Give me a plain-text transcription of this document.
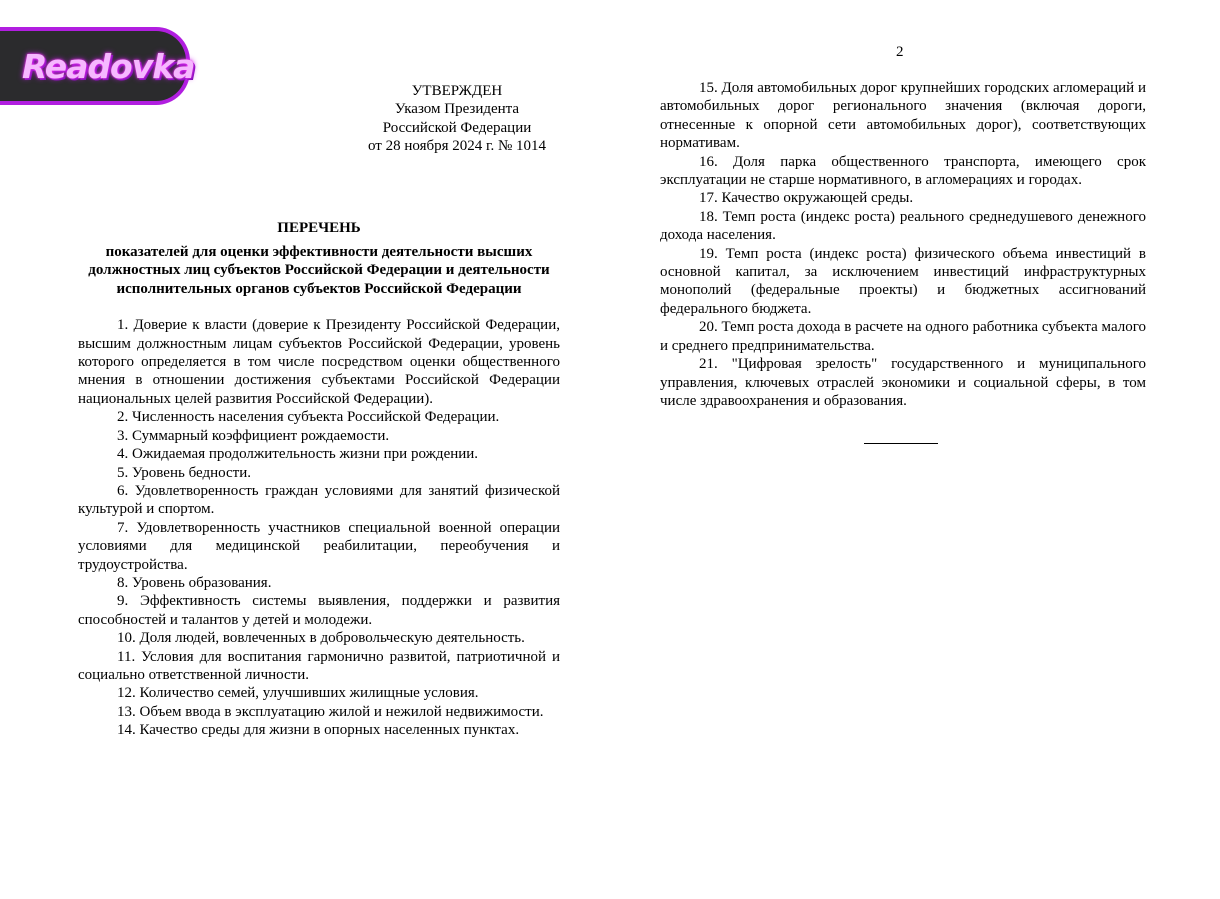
Readovka	2
УТВЕРЖДЕН
Указом Президента
Российской Федерации
от 28 ноября 2024 г. № 1014
ПЕРЕЧЕНЬ
показателей для оценки эффективности деятельности высших должностных лиц субъектов Российской Федерации и деятельности исполнительных органов субъектов Российской Федерации

1. Доверие к власти (доверие к Президенту Российской Федерации, высшим должностным лицам субъектов Российской Федерации, уровень которого определяется в том числе посредством оценки общественного мнения в отношении достижения субъектами Российской Федерации национальных целей развития Российской Федерации).

2. Численность населения субъекта Российской Федерации.

3. Суммарный коэффициент рождаемости.

4. Ожидаемая продолжительность жизни при рождении.

5. Уровень бедности.

6. Удовлетворенность граждан условиями для занятий физической культурой и спортом.

7. Удовлетворенность участников специальной военной операции условиями для медицинской реабилитации, переобучения и трудоустройства.

8. Уровень образования.

9. Эффективность системы выявления, поддержки и развития способностей и талантов у детей и молодежи.

10. Доля людей, вовлеченных в добровольческую деятельность.

11. Условия для воспитания гармонично развитой, патриотичной и социально ответственной личности.

12. Количество семей, улучшивших жилищные условия.

13. Объем ввода в эксплуатацию жилой и нежилой недвижимости.

14. Качество среды для жизни в опорных населенных пунктах.

15. Доля автомобильных дорог крупнейших городских агломераций и автомобильных дорог регионального значения (включая дороги, отнесенные к опорной сети автомобильных дорог), соответствующих нормативам.

16. Доля парка общественного транспорта, имеющего срок эксплуатации не старше нормативного, в агломерациях и городах.

17. Качество окружающей среды.

18. Темп роста (индекс роста) реального среднедушевого денежного дохода населения.

19. Темп роста (индекс роста) физического объема инвестиций в основной капитал, за исключением инвестиций инфраструктурных монополий (федеральные проекты) и бюджетных ассигнований федерального бюджета.

20. Темп роста дохода в расчете на одного работника субъекта малого и среднего предпринимательства.

21. "Цифровая зрелость" государственного и муниципального управления, ключевых отраслей экономики и социальной сферы, в том числе здравоохранения и образования.
